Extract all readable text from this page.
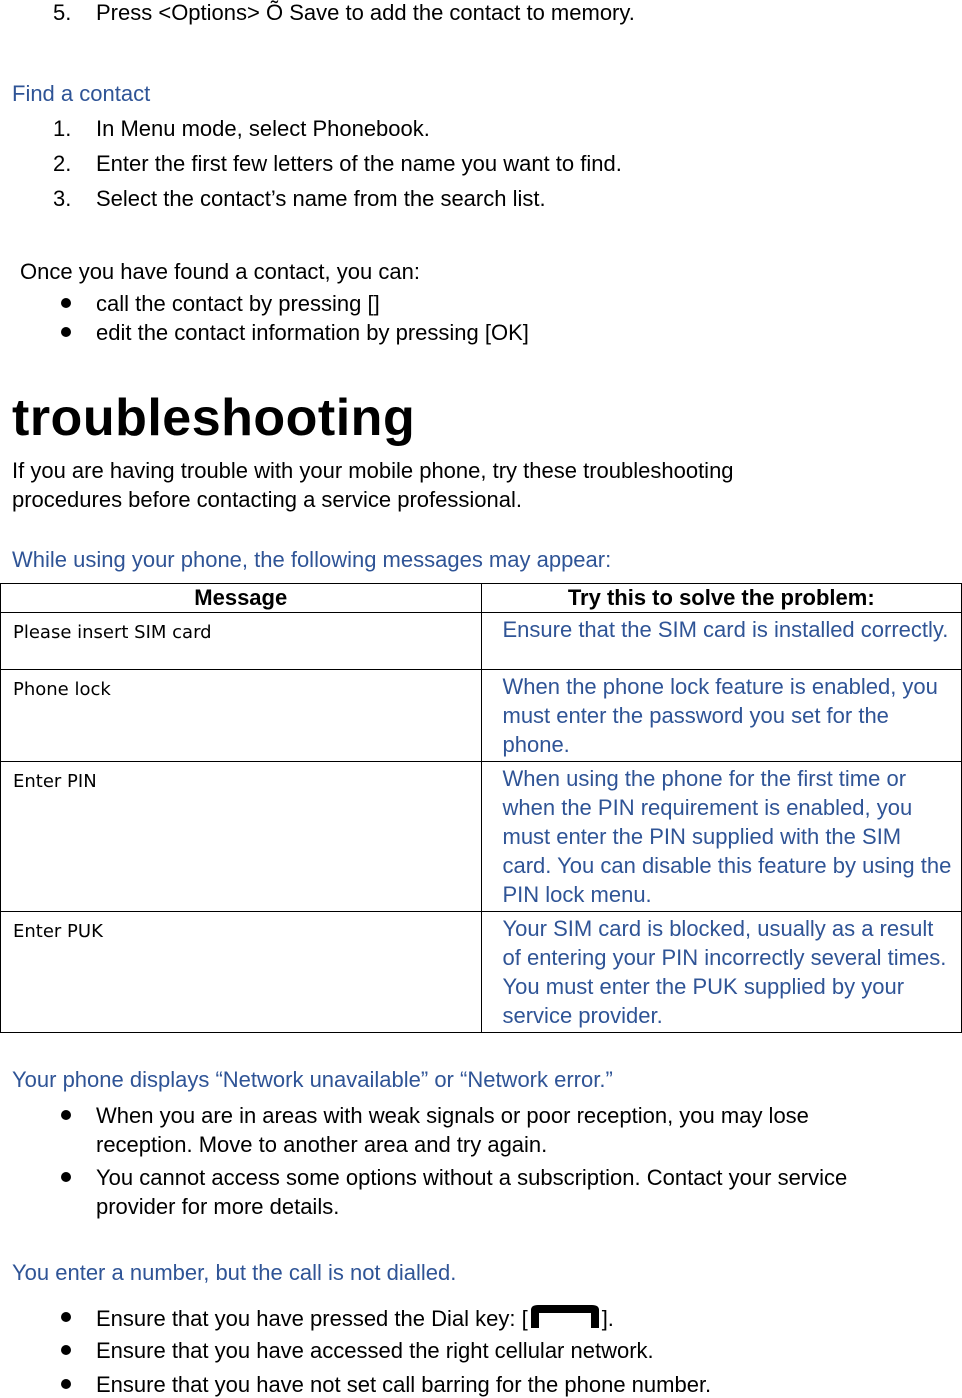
5. Press <Options> Õ Save to add the contact to memory.
Find a contact
1. In Menu mode, select Phonebook.
2. Enter the first few letters of the name you want to find.
3. Select the contact’s name from the search list.
Once you have found a contact, you can:
call the contact by pressing []
edit the contact information by pressing [OK]
troubleshooting
If you are having trouble with your mobile phone, try these troubleshooting
procedures before contacting a service professional.
While using your phone, the following messages may appear:
Message	Try this to solve the problem:
Please insert SIM card	Ensure that the SIM card is installed correctly.
Phone lock	When the phone lock feature is enabled, you must enter the password you set for the phone.
Enter PIN	When using the phone for the first time or when the PIN requirement is enabled, you must enter the PIN supplied with the SIM card. You can disable this feature by using the PIN lock menu.
Enter PUK	Your SIM card is blocked, usually as a result of entering your PIN incorrectly several times. You must enter the PUK supplied by your service provider.
Your phone displays “Network unavailable” or “Network error.”
When you are in areas with weak signals or poor reception, you may lose
reception. Move to another area and try again.
You cannot access some options without a subscription. Contact your service
provider for more details.
You enter a number, but the call is not dialled.
Ensure that you have pressed the Dial key: [	].
Ensure that you have accessed the right cellular network.
Ensure that you have not set call barring for the phone number.
